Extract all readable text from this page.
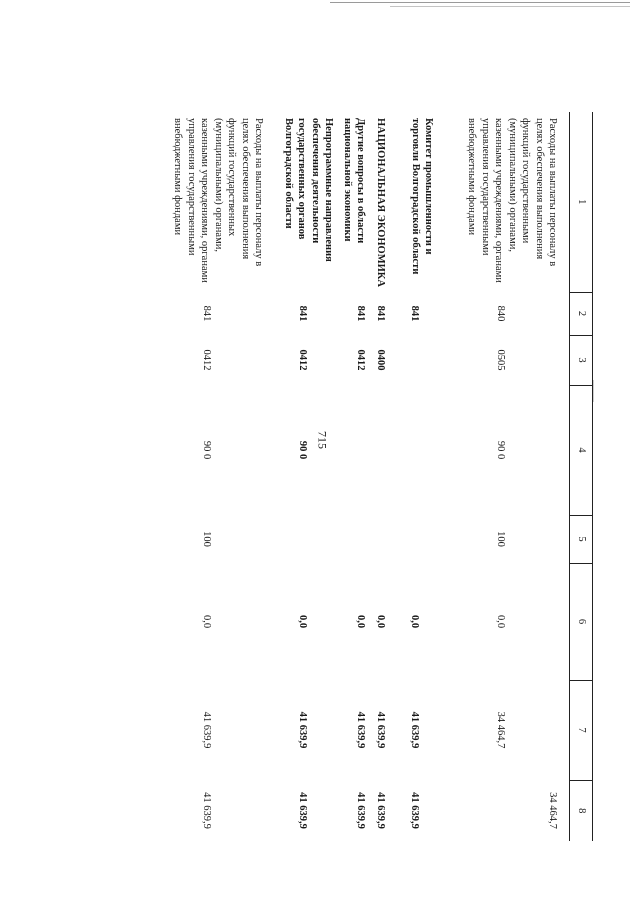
715
1	2	3	4	5	6	7	8

Расходы на выплаты персоналу в целях обеспечения выполнения функций государственными (муниципальными) органами, казенными учреждениями, органами управления государственными внебюджетными фондами	840	0505	90 0	100	0,0	34 464,7	34 464,7
Комитет промышленности и торговли Волгоградской области	841				0,0	41 639,9	41 639,9
НАЦИОНАЛЬНАЯ ЭКОНОМИКА	841	0400			0,0	41 639,9	41 639,9
Другие вопросы в области национальной экономики	841	0412			0,0	41 639,9	41 639,9
Непрограммные направления обеспечения деятельности государственных органов Волгоградской области	841	0412	90 0		0,0	41 639,9	41 639,9
Расходы на выплаты персоналу в целях обеспечения выполнения функций государственных (муниципальными) органами, казенными учреждениями, органами управления государственными внебюджетными фондами	841	0412	90 0	100	0,0	41 639,9	41 639,9
